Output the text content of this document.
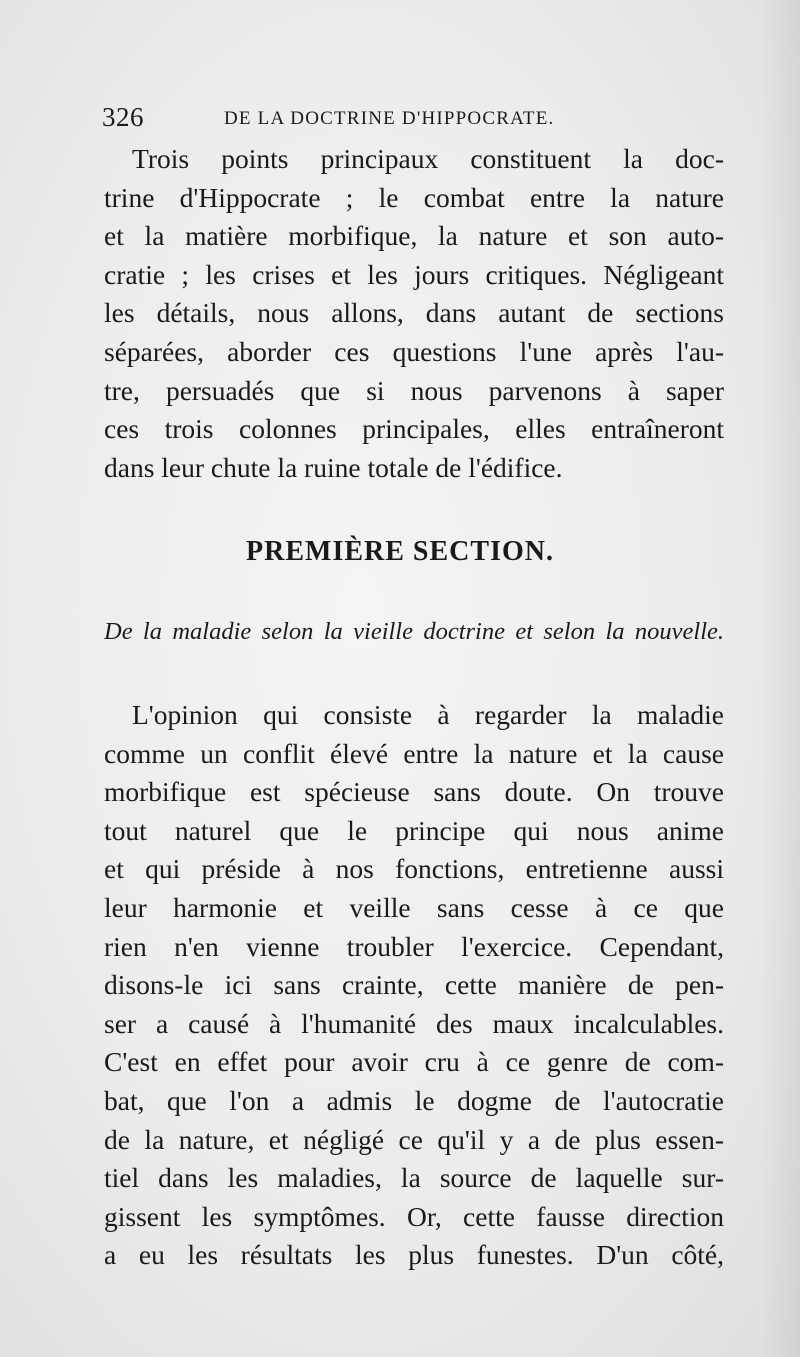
326	DE LA DOCTRINE D'HIPPOCRATE.
Trois points principaux constituent la doc-
trine d'Hippocrate ; le combat entre la nature
et la matière morbifique, la nature et son auto-
cratie ; les crises et les jours critiques. Négligeant
les détails, nous allons, dans autant de sections
séparées, aborder ces questions l'une après l'au-
tre, persuadés que si nous parvenons à saper
ces trois colonnes principales, elles entraîneront
dans leur chute la ruine totale de l'édifice.
PREMIÈRE SECTION.
De la maladie selon la vieille doctrine et selon la nouvelle.
L'opinion qui consiste à regarder la maladie
comme un conflit élevé entre la nature et la cause
morbifique est spécieuse sans doute. On trouve
tout naturel que le principe qui nous anime
et qui préside à nos fonctions, entretienne aussi
leur harmonie et veille sans cesse à ce que
rien n'en vienne troubler l'exercice. Cependant,
disons-le ici sans crainte, cette manière de pen-
ser a causé à l'humanité des maux incalculables.
C'est en effet pour avoir cru à ce genre de com-
bat, que l'on a admis le dogme de l'autocratie
de la nature, et négligé ce qu'il y a de plus essen-
tiel dans les maladies, la source de laquelle sur-
gissent les symptômes. Or, cette fausse direction
a eu les résultats les plus funestes. D'un côté,
